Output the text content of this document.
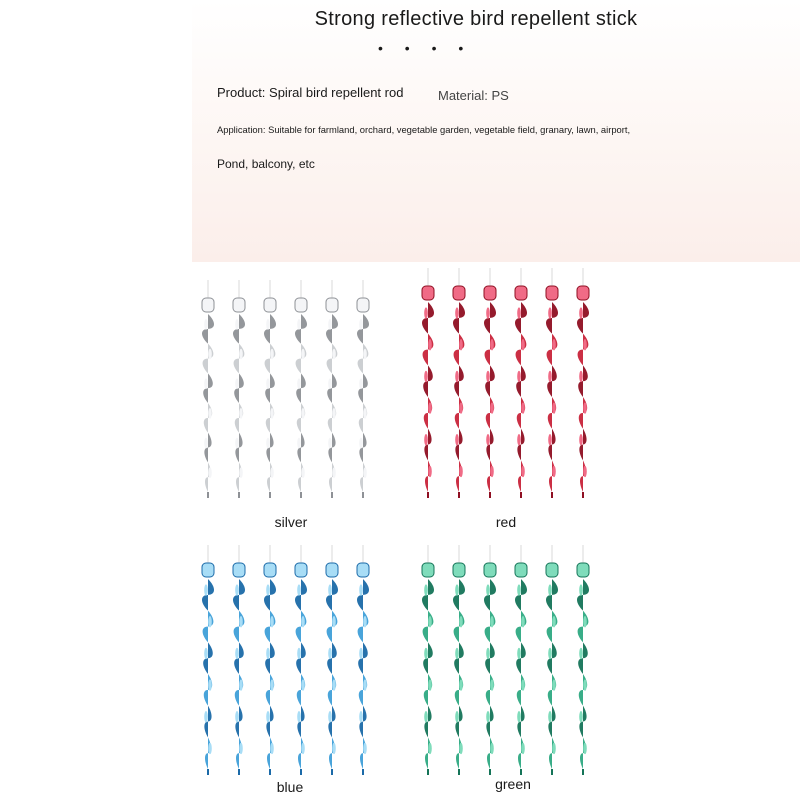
Strong reflective bird repellent stick
• • • •
Product: Spiral bird repellent rod	Material: PS
Application: Suitable for farmland, orchard, vegetable garden, vegetable field, granary, lawn, airport,
Pond, balcony, etc
silver	red
blue	green
